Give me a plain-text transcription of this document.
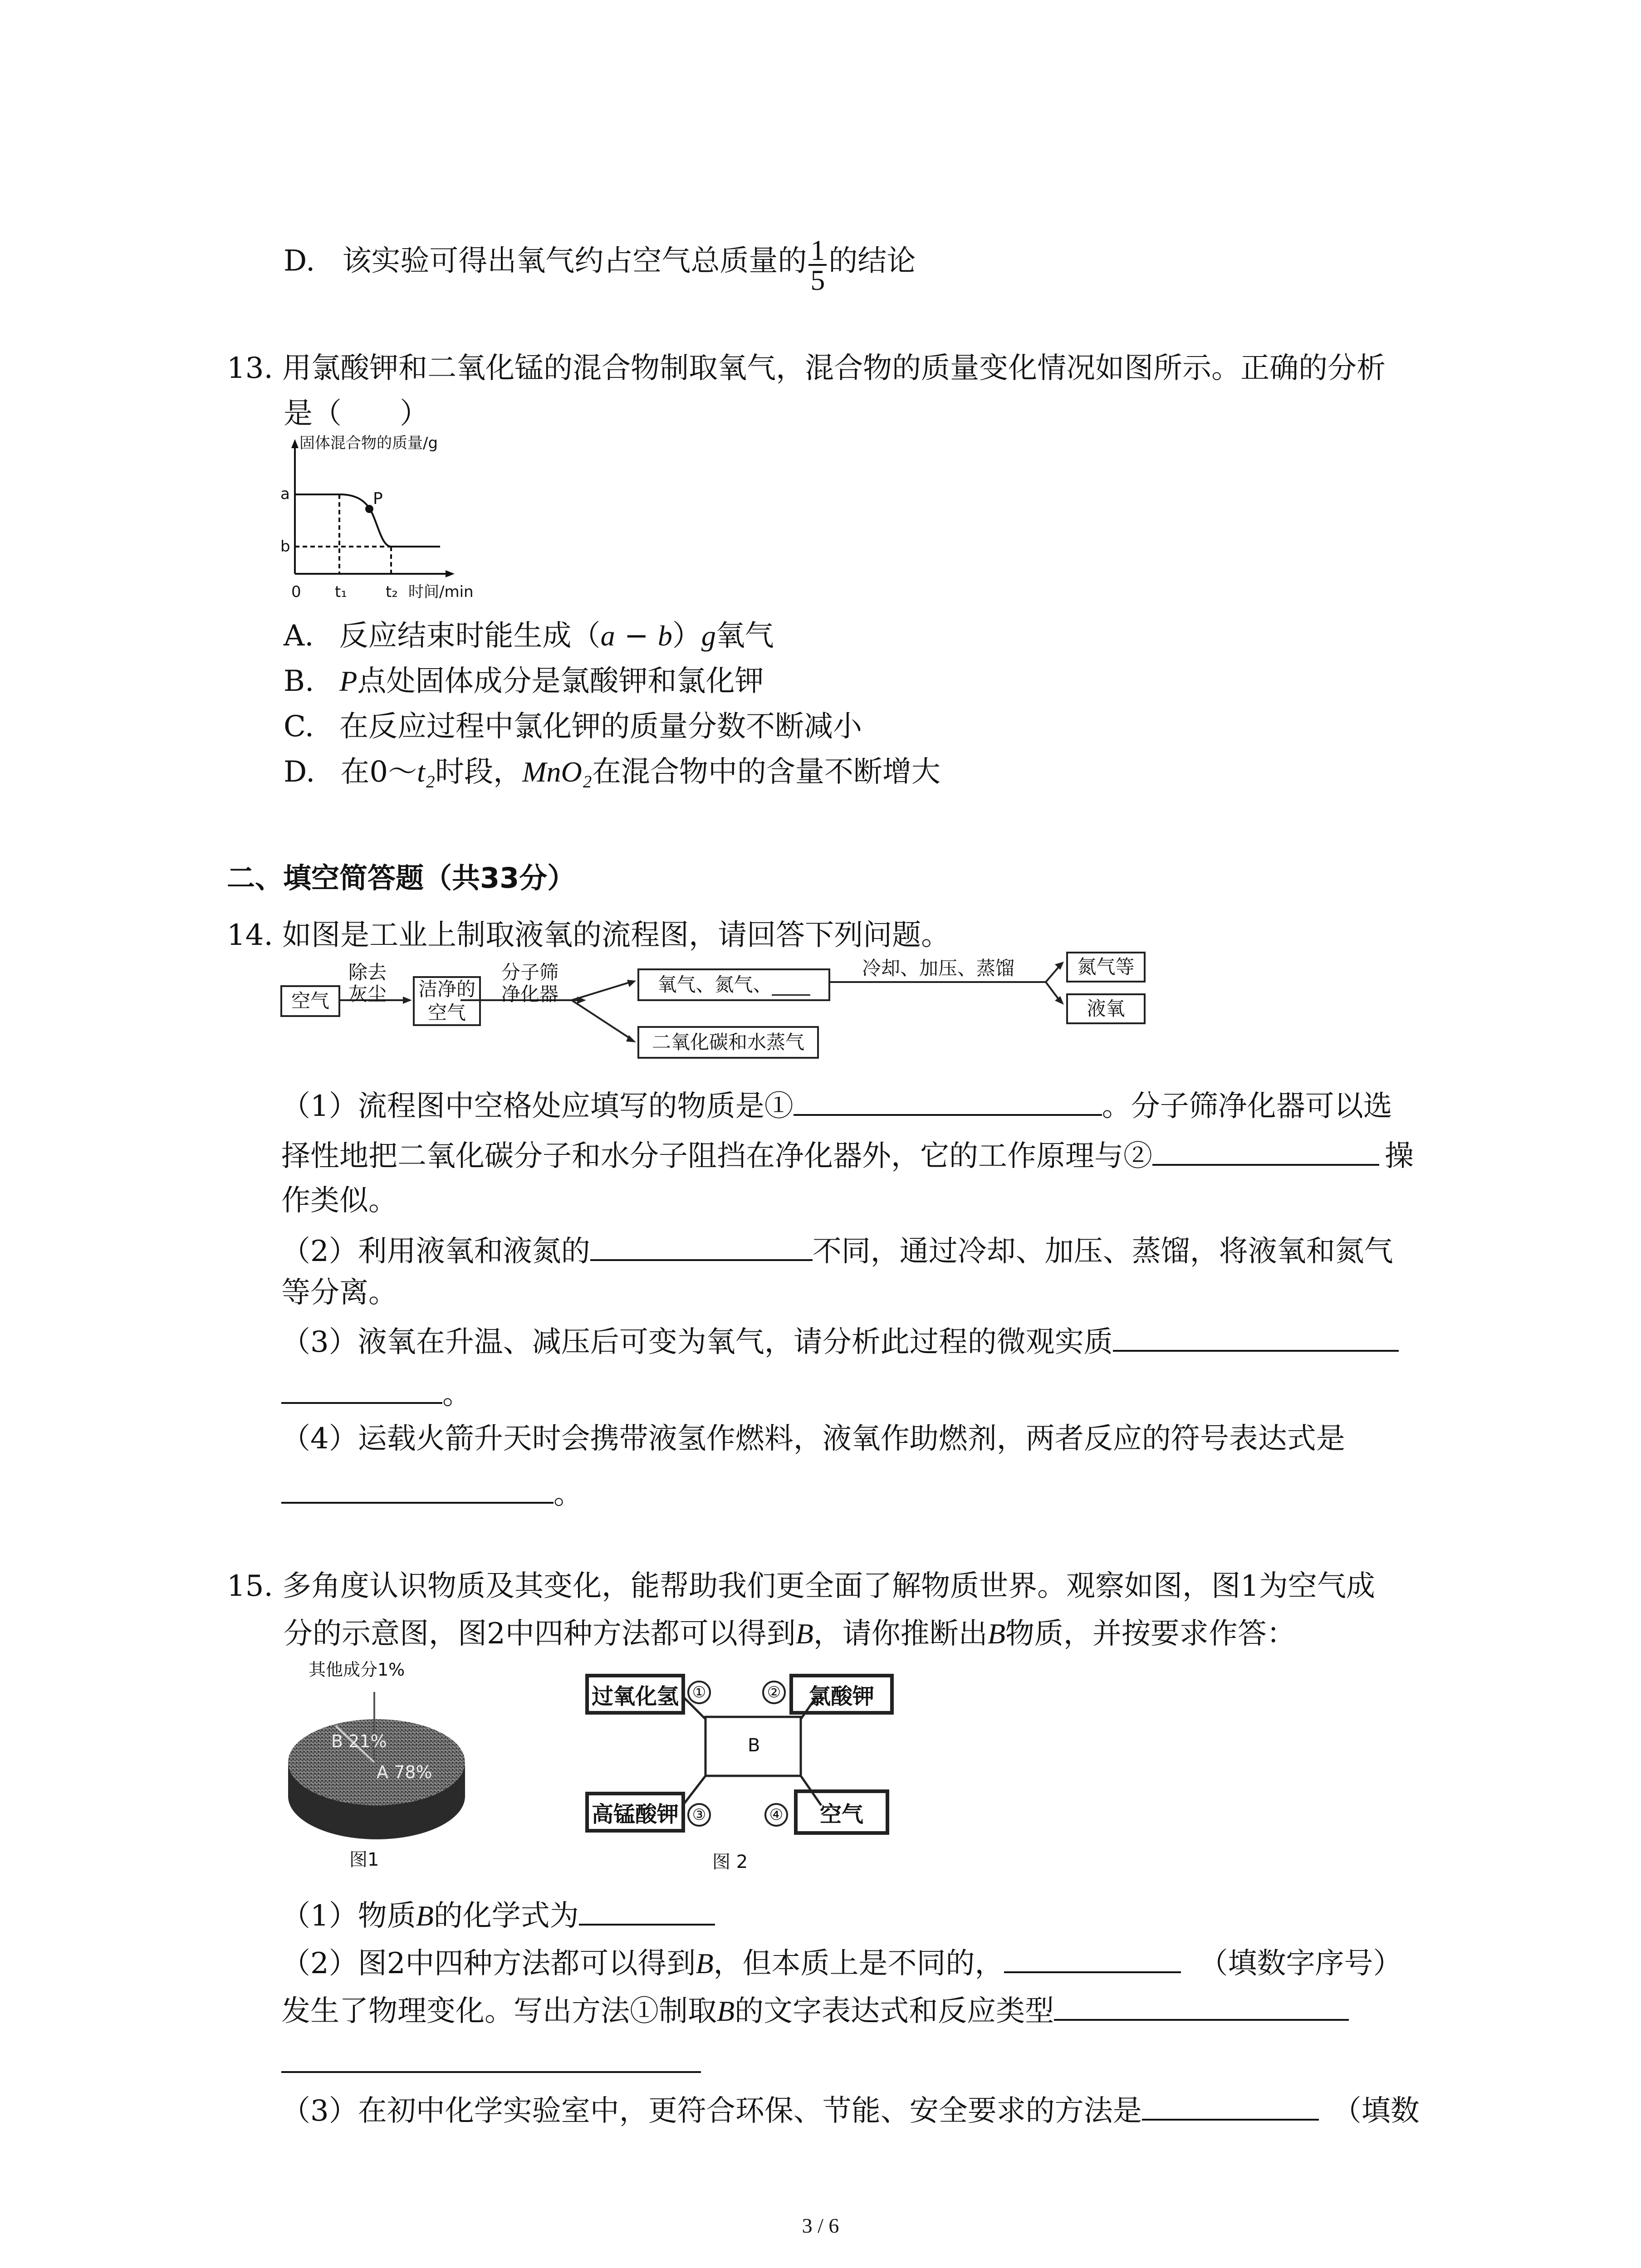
D. 该实验可得出氧气约占空气总质量的 $\frac{1}{5}$ 的结论
13. 用氯酸钾和二氧化锰的混合物制取氧气，混合物的质量变化情况如图所示。正确的分析
是（　　）
固体混合物的质量/g
a
b
P
0 t₁	t₂ 时间/min
A. 反应结束时能生成（a − b）g氧气
B. P点处固体成分是氯酸钾和氯化钾
C. 在反应过程中氯化钾的质量分数不断减小
D. 在0～t₂时段，MnO₂在混合物中的含量不断增大
二、填空简答题（共33分）
14. 如图是工业上制取液氧的流程图，请回答下列问题。
空气
除去
灰尘 洁净的
空气
分子筛
净化器	氧气、氮气、____
二氧化碳和水蒸气
冷却、加压、蒸馏	氮气等
液氧
（1）流程图中空格处应填写的物质是①	。分子筛净化器可以选
择性地把二氧化碳分子和水分子阻挡在净化器外，它的工作原理与②	操
作类似。
（2）利用液氧和液氮的	不同，通过冷却、加压、蒸馏，将液氧和氮气
等分离。
（3）液氧在升温、减压后可变为氧气，请分析此过程的微观实质
。
（4）运载火箭升天时会携带液氢作燃料，液氧作助燃剂，两者反应的符号表达式是
。
15. 多角度认识物质及其变化，能帮助我们更全面了解物质世界。观察如图，图1为空气成
分的示意图，图2中四种方法都可以得到B，请你推断出B物质，并按要求作答：
其他成分1%
B 21%
A 78%
图1
过氧化氢 ①	②	氯酸钾
B
高锰酸钾 ③	④	空气
图 2
（1）物质B的化学式为
（2）图2中四种方法都可以得到B，但本质上是不同的，	（填数字序号）
发生了物理变化。写出方法①制取B的文字表达式和反应类型
（3）在初中化学实验室中，更符合环保、节能、安全要求的方法是	（填数
3 / 6
